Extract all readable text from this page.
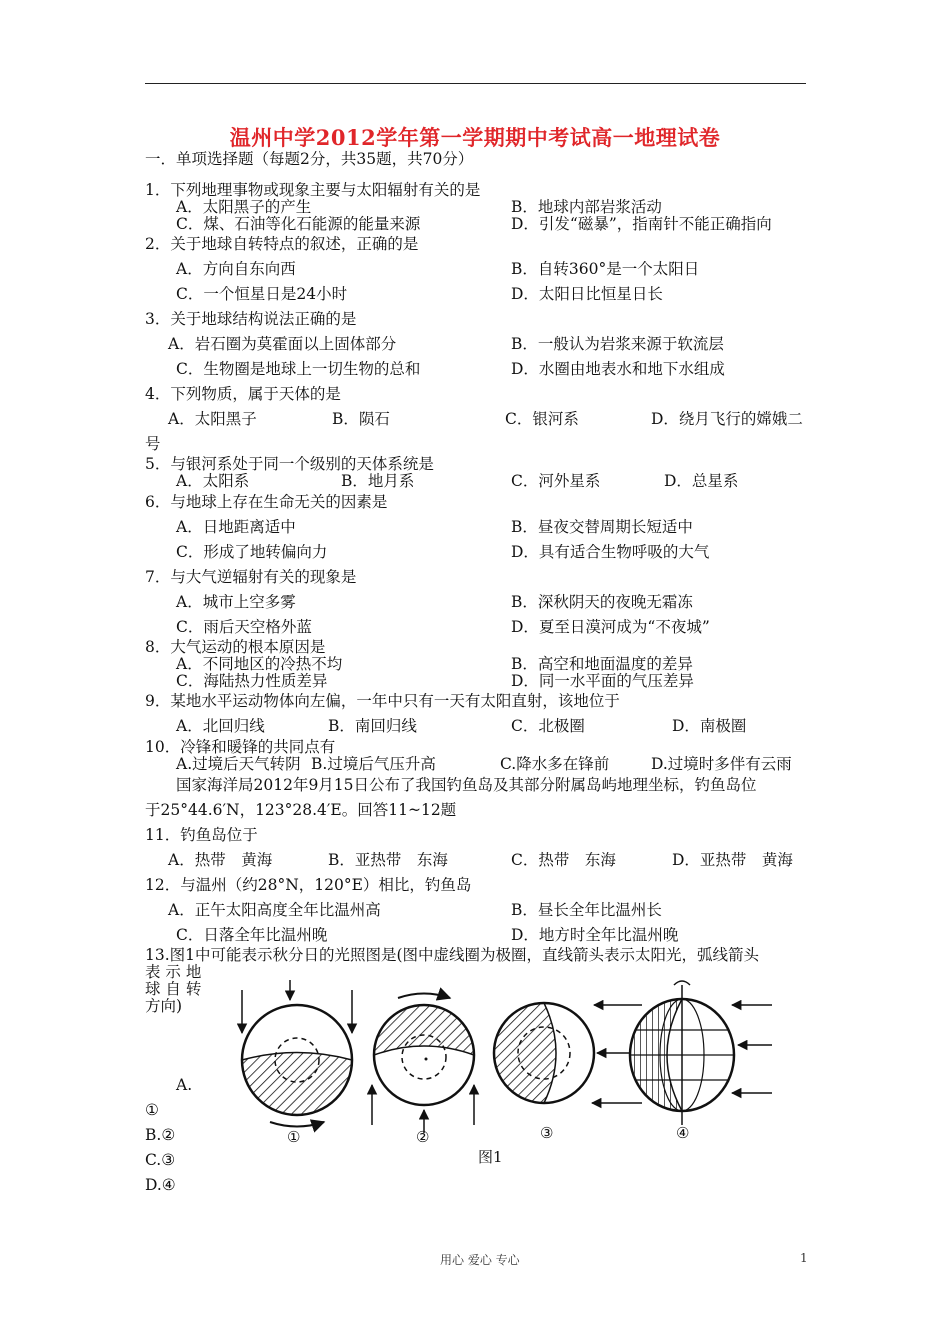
温州中学2012学年第一学期期中考试高一地理试卷
一．单项选择题（每题2分，共35题，共70分）
1．下列地理事物或现象主要与太阳辐射有关的是
A．太阳黑子的产生	B．地球内部岩浆活动
C．煤、石油等化石能源的能量来源	D．引发“磁暴”，指南针不能正确指向
2．关于地球自转特点的叙述，正确的是
A．方向自东向西	B．自转360°是一个太阳日
C．一个恒星日是24小时	D．太阳日比恒星日长
3．关于地球结构说法正确的是
A．岩石圈为莫霍面以上固体部分	B．一般认为岩浆来源于软流层
C．生物圈是地球上一切生物的总和	D．水圈由地表水和地下水组成
4．下列物质，属于天体的是
A．太阳黑子	B．陨石	C．银河系	D．绕月飞行的嫦娥二
号
5．与银河系处于同一个级别的天体系统是
A．太阳系	B．地月系	C．河外星系	D．总星系
6．与地球上存在生命无关的因素是
A．日地距离适中	B．昼夜交替周期长短适中
C．形成了地转偏向力	D．具有适合生物呼吸的大气
7．与大气逆辐射有关的现象是
A．城市上空多雾	B．深秋阴天的夜晚无霜冻
C．雨后天空格外蓝	D．夏至日漠河成为“不夜城”
8．大气运动的根本原因是
A．不同地区的冷热不均	B．高空和地面温度的差异
C．海陆热力性质差异	D．同一水平面的气压差异
9．某地水平运动物体向左偏，一年中只有一天有太阳直射，该地位于
A．北回归线	B．南回归线	C．北极圈	D．南极圈
10．冷锋和暖锋的共同点有
A.过境后天气转阴 B.过境后气压升高	C.降水多在锋前	D.过境时多伴有云雨
国家海洋局2012年9月15日公布了我国钓鱼岛及其部分附属岛屿地理坐标，钓鱼岛位
于25°44.6′N，123°28.4′E。回答11~12题
11．钓鱼岛位于
A．热带　黄海	B．亚热带　东海	C．热带　东海	D．亚热带　黄海
12．与温州（约28°N，120°E）相比，钓鱼岛
A．正午太阳高度全年比温州高	B．昼长全年比温州长
C．日落全年比温州晚	D．地方时全年比温州晚
13.图1中可能表示秋分日的光照图是(图中虚线圈为极圈，直线箭头表示太阳光，弧线箭头
表 示 地
球 自 转
方向)
A.
①
B.②
C.③
D.④
①	②	③	④
图1
用心 爱心 专心	1
